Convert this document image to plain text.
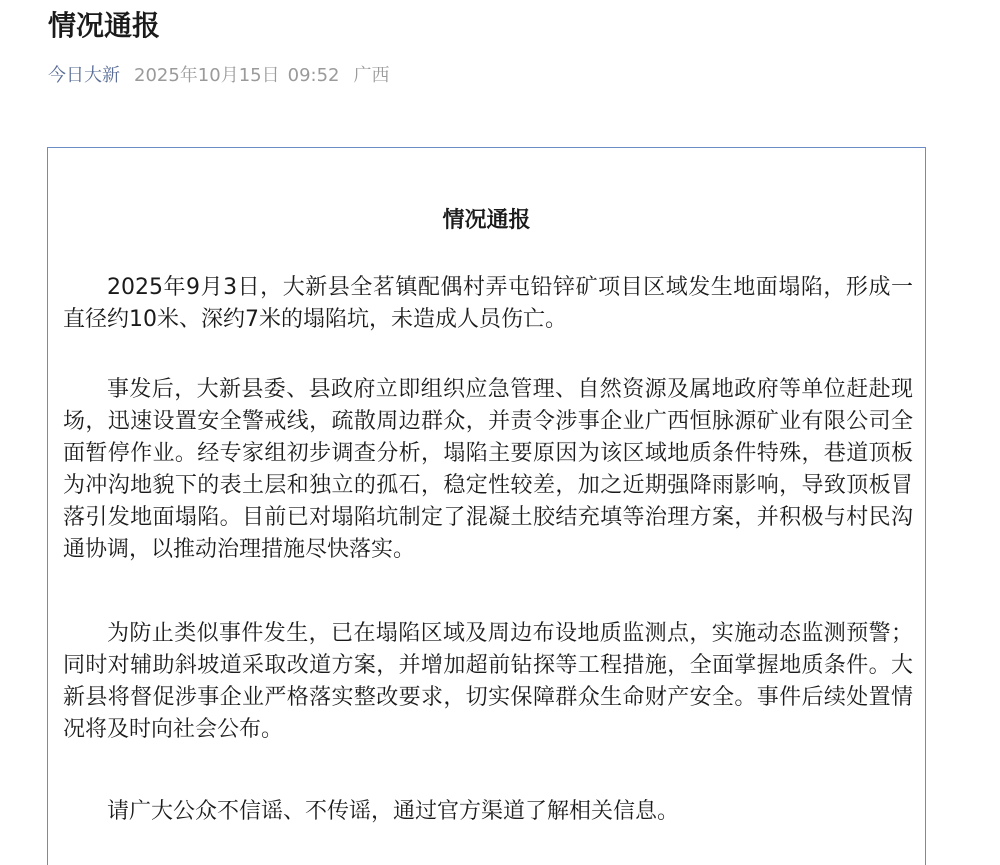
情况通报
今日大新 2025年10月15日 09:52 广西
情况通报

2025年9月3日，大新县全茗镇配偶村弄屯铅锌矿项目区域发生地面塌陷，形成一直径约10米、深约7米的塌陷坑，未造成人员伤亡。

事发后，大新县委、县政府立即组织应急管理、自然资源及属地政府等单位赶赴现场，迅速设置安全警戒线，疏散周边群众，并责令涉事企业广西恒脉源矿业有限公司全面暂停作业。经专家组初步调查分析，塌陷主要原因为该区域地质条件特殊，巷道顶板为冲沟地貌下的表土层和独立的孤石，稳定性较差，加之近期强降雨影响，导致顶板冒落引发地面塌陷。目前已对塌陷坑制定了混凝土胶结充填等治理方案，并积极与村民沟通协调，以推动治理措施尽快落实。

为防止类似事件发生，已在塌陷区域及周边布设地质监测点，实施动态监测预警；同时对辅助斜坡道采取改道方案，并增加超前钻探等工程措施，全面掌握地质条件。大新县将督促涉事企业严格落实整改要求，切实保障群众生命财产安全。事件后续处置情况将及时向社会公布。

请广大公众不信谣、不传谣，通过官方渠道了解相关信息。
